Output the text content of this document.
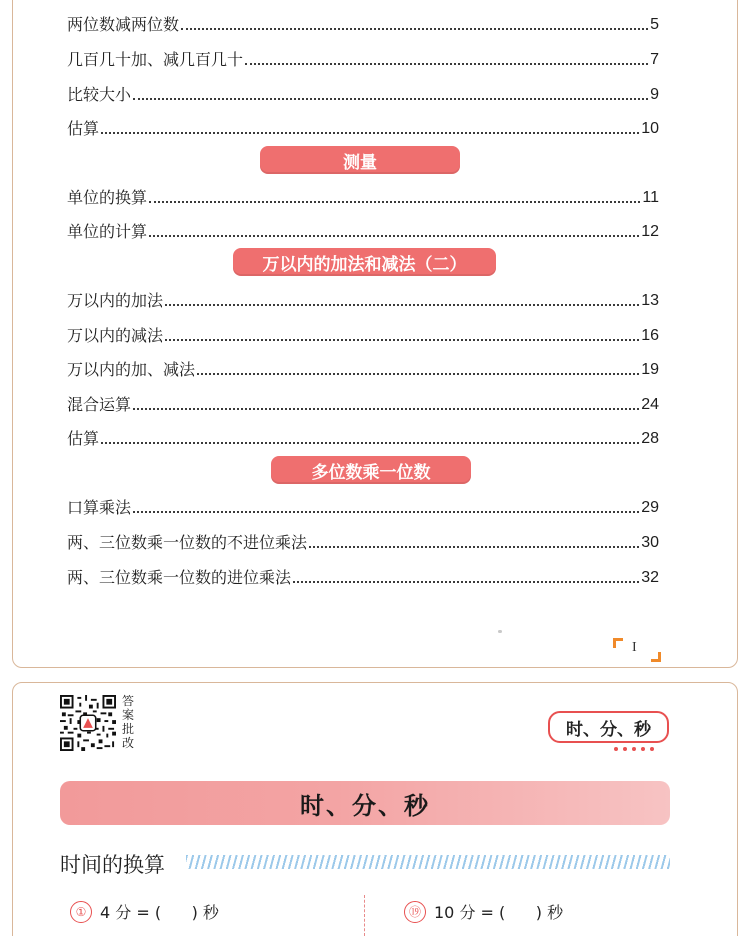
两位数减两位数	5
几百几十加、减几百几十	7
比较大小	9
估算	10
测量
单位的换算	11
单位的计算	12
万以内的加法和减法（二）
万以内的加法	13
万以内的减法	16
万以内的加、减法	19
混合运算	24
估算	28
多位数乘一位数
口算乘法	29
两、三位数乘一位数的不进位乘法	30
两、三位数乘一位数的进位乘法	32
I
答
案
批
改
时、分、秒
时、分、秒
时间的换算
① 4 分 = (      ) 秒	⑲ 10 分 = (      ) 秒
